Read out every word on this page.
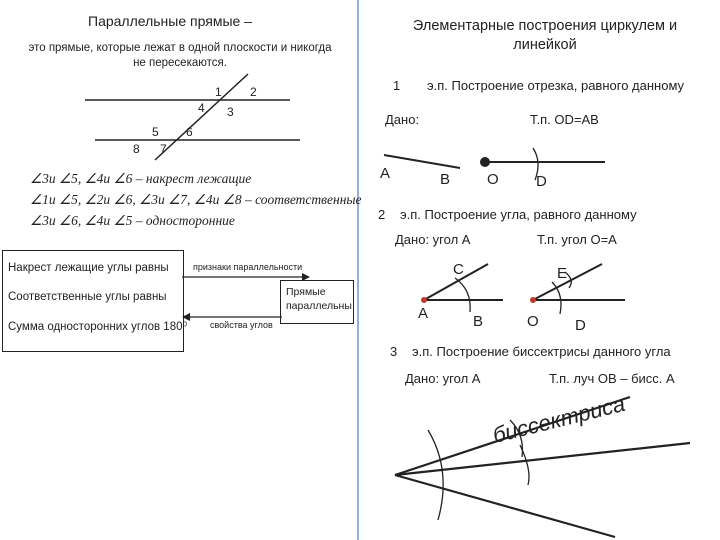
Параллельные прямые –
это прямые, которые лежат в одной плоскости и никогда
не пересекаются.
1 2
3
4
5 6
7
8
∠3и ∠5, ∠4и ∠6 – накрест лежащие
∠1и ∠5, ∠2и ∠6, ∠3и ∠7, ∠4и ∠8 – соответственные
∠3и ∠6, ∠4и ∠5 – односторонние
Накрест лежащие углы равны
Соответственные углы равны
Сумма односторонних углов 180⁰
признаки параллельности
свойства углов
Прямые
параллельны
Элементарные построения циркулем и
линейкой
1 э.п. Построение отрезка, равного данному
Дано:	Т.п. OD=AB
A	B O D
2 э.п. Построение угла, равного данному
Дано: угол А	Т.п. угол О=А
C
A	B
E
O D
3 э.п. Построение биссектрисы данного угла
Дано: угол А	Т.п. луч ОВ – бисс. А
биссектриса
